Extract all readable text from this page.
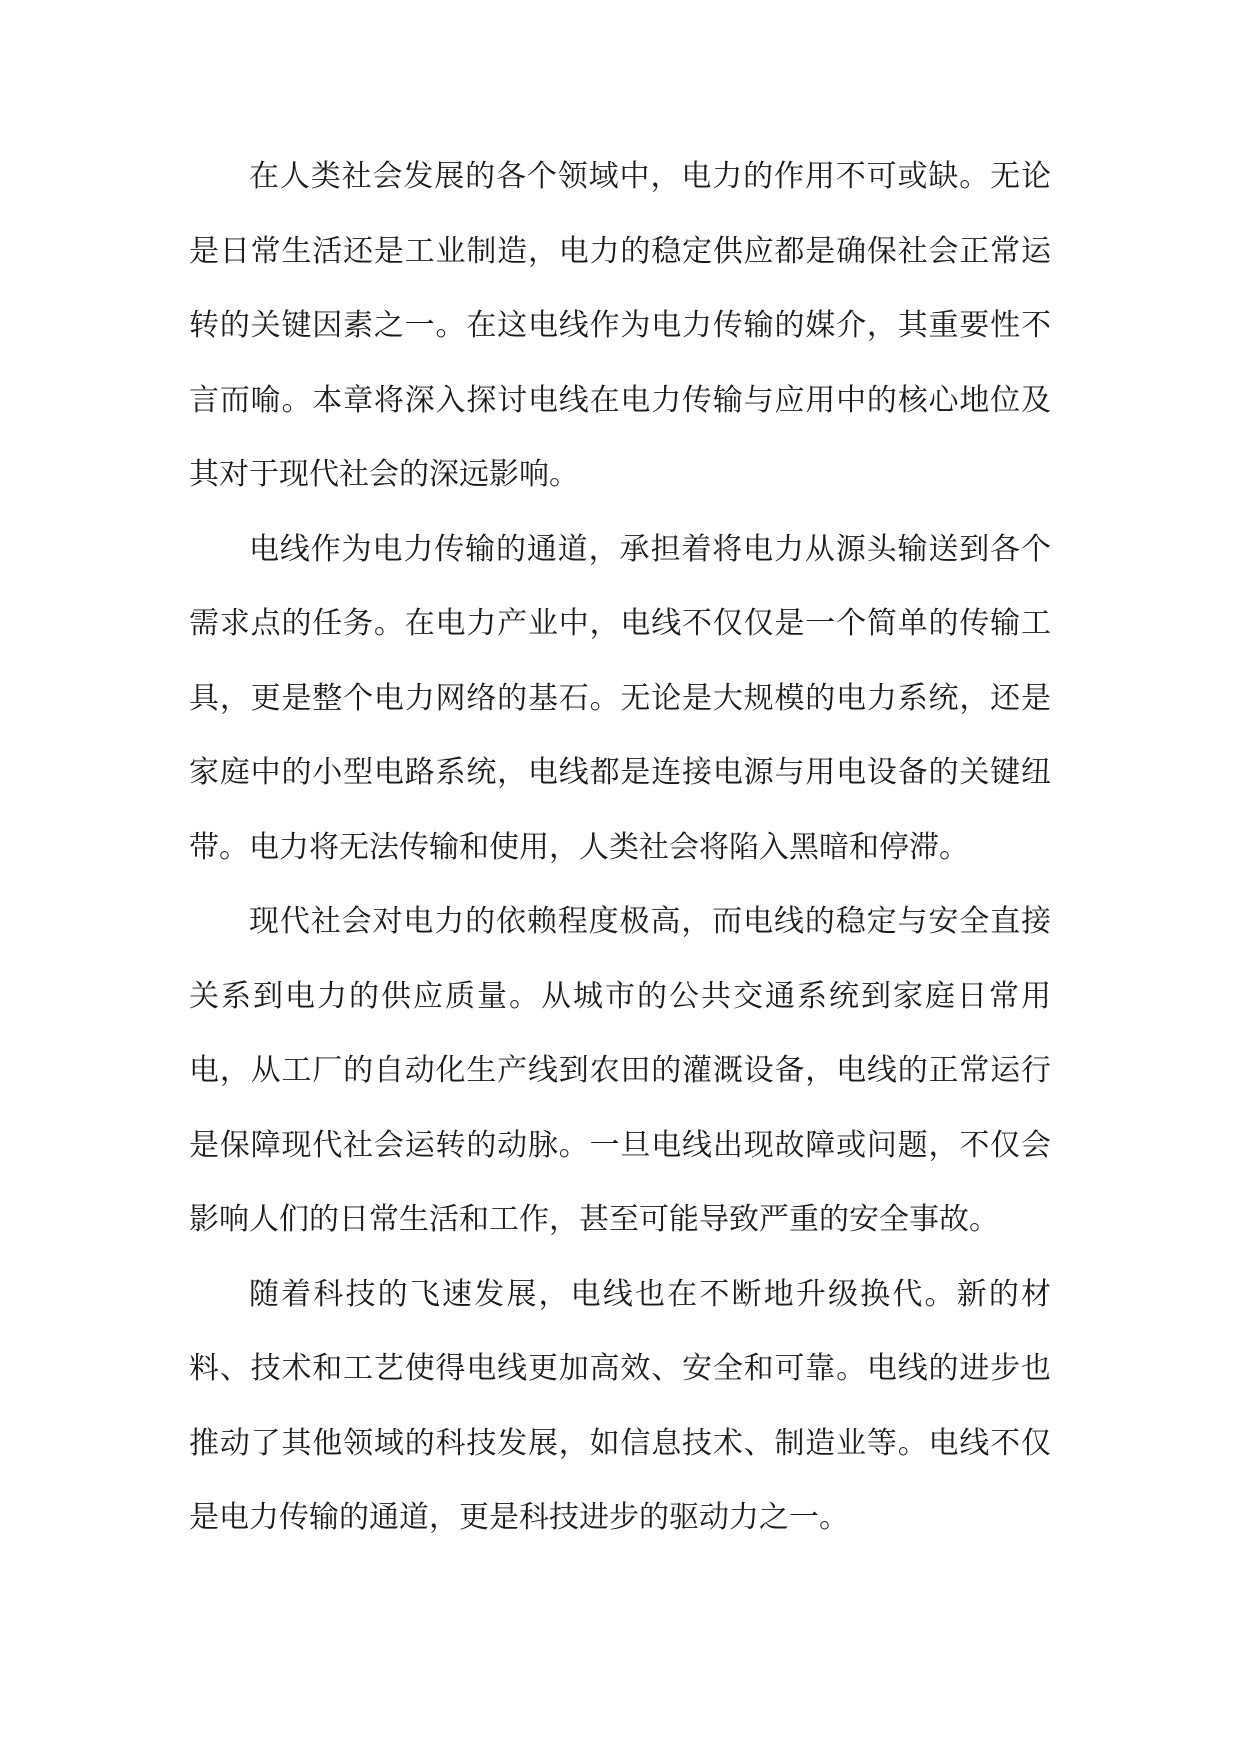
在人类社会发展的各个领域中，电力的作用不可或缺。无论是日常生活还是工业制造，电力的稳定供应都是确保社会正常运转的关键因素之一。在这电线作为电力传输的媒介，其重要性不言而喻。本章将深入探讨电线在电力传输与应用中的核心地位及其对于现代社会的深远影响。

电线作为电力传输的通道，承担着将电力从源头输送到各个需求点的任务。在电力产业中，电线不仅仅是一个简单的传输工具，更是整个电力网络的基石。无论是大规模的电力系统，还是家庭中的小型电路系统，电线都是连接电源与用电设备的关键纽带。电力将无法传输和使用，人类社会将陷入黑暗和停滞。

现代社会对电力的依赖程度极高，而电线的稳定与安全直接关系到电力的供应质量。从城市的公共交通系统到家庭日常用电，从工厂的自动化生产线到农田的灌溉设备，电线的正常运行是保障现代社会运转的动脉。一旦电线出现故障或问题，不仅会影响人们的日常生活和工作，甚至可能导致严重的安全事故。

随着科技的飞速发展，电线也在不断地升级换代。新的材料、技术和工艺使得电线更加高效、安全和可靠。电线的进步也推动了其他领域的科技发展，如信息技术、制造业等。电线不仅是电力传输的通道，更是科技进步的驱动力之一。
